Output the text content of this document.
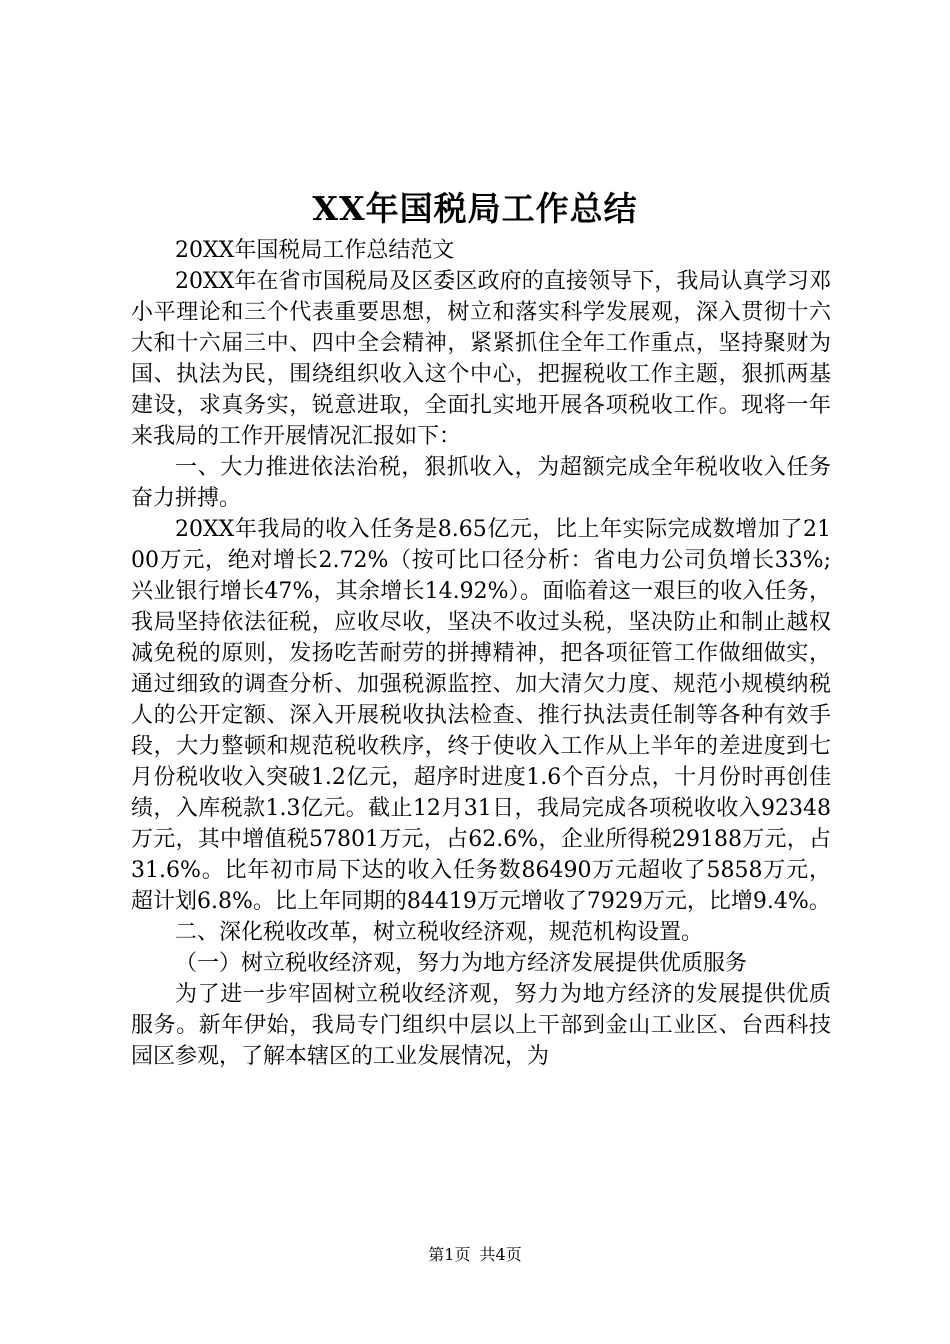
XX年国税局工作总结

20XX年国税局工作总结范文

20XX年在省市国税局及区委区政府的直接领导下，我局认真学习邓小平理论和三个代表重要思想，树立和落实科学发展观，深入贯彻十六大和十六届三中、四中全会精神，紧紧抓住全年工作重点，坚持聚财为国、执法为民，围绕组织收入这个中心，把握税收工作主题，狠抓两基建设，求真务实，锐意进取，全面扎实地开展各项税收工作。现将一年来我局的工作开展情况汇报如下：

一、大力推进依法治税，狠抓收入，为超额完成全年税收收入任务奋力拼搏。

20XX年我局的收入任务是8.65亿元，比上年实际完成数增加了2100万元，绝对增长2.72%（按可比口径分析：省电力公司负增长33%;兴业银行增长47%，其余增长14.92%）。面临着这一艰巨的收入任务，我局坚持依法征税，应收尽收，坚决不收过头税，坚决防止和制止越权减免税的原则，发扬吃苦耐劳的拼搏精神，把各项征管工作做细做实，通过细致的调查分析、加强税源监控、加大清欠力度、规范小规模纳税人的公开定额、深入开展税收执法检查、推行执法责任制等各种有效手段，大力整顿和规范税收秩序，终于使收入工作从上半年的差进度到七月份税收收入突破1.2亿元，超序时进度1.6个百分点，十月份时再创佳绩，入库税款1.3亿元。截止12月31日，我局完成各项税收收入92348万元，其中增值税57801万元，占62.6%，企业所得税29188万元，占31.6%。比年初市局下达的收入任务数86490万元超收了5858万元，超计划6.8%。比上年同期的84419万元增收了7929万元，比增9.4%。

二、深化税收改革，树立税收经济观，规范机构设置。

（一）树立税收经济观，努力为地方经济发展提供优质服务

为了进一步牢固树立税收经济观，努力为地方经济的发展提供优质服务。新年伊始，我局专门组织中层以上干部到金山工业区、台西科技园区参观，了解本辖区的工业发展情况，为

第1页 共4页
